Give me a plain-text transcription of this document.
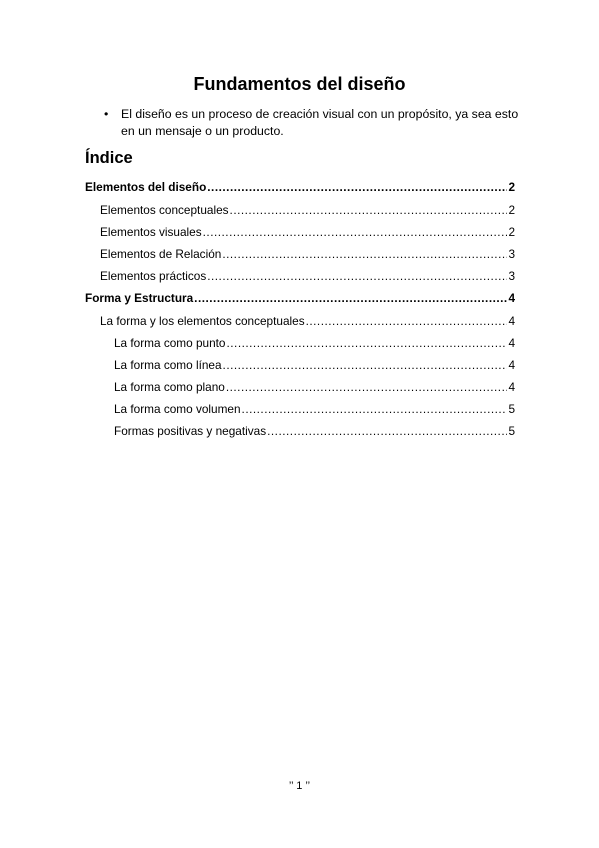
Fundamentos del diseño
•	El diseño es un proceso de creación visual con un propósito, ya sea esto en un mensaje o un producto.
Índice
Elementos del diseño .....	2
Elementos conceptuales .....	2
Elementos visuales .....	2
Elementos de Relación .....	3
Elementos prácticos .....	3
Forma y Estructura .....	4
La forma y los elementos conceptuales .....	4
La forma como punto .....	4
La forma como línea .....	4
La forma como plano .....	4
La forma como volumen .....	5
Formas positivas y negativas .....	5
’’ 1 ’’
